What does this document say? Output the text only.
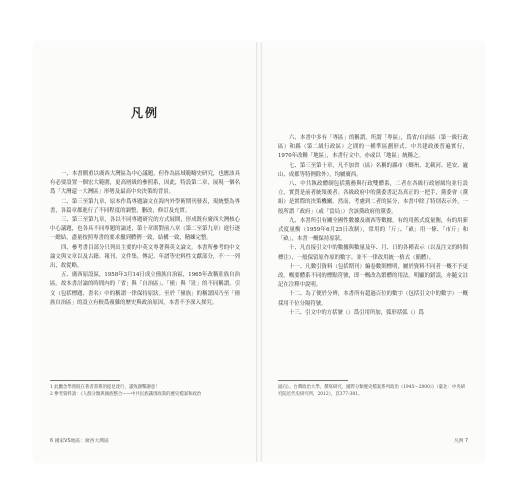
凡例

一、本書側重以廣西大灣區為中心議題，但作為區域範疇史研究，也應該具有必要設置一個宏大範圍，更高層級的參照系，因此，特設第二章，展現一個名爲「大灣還一大灣區」形勢及最高中央決策的背景。

二、第三至第九章，原本作爲專題論文在海内外學術期刊發表，現統整為專書，各篇章都進行了不同程度的調整，删改，修訂及充實。

三、第三至第九章，各以不同專題研究的方式展開，形成既有廣西大灣核心中心議題，也各具不同專題的論述，第十章則對前八章（第二至第九章）進行逐一總結，盡量按照專書的要求撤到體例一致，結構一致，精練完整。

四、參考書目部分只列出主要的中英文專著與英文論文。本書所參考的中文論文與文章以及古籍、報刊、文件集、傳記、年譜等史料性文獻部分，不一一列出，故從略。

五、廣西原設區，1958年3月14日成立僮族自治區，1965年改稱壯族自治區。故本書討論的時間內的「省」與「自治區」、「僮」與「壯」的不同稱謂，引文（包括標題、書名）中的稱謂一律保持原狀。至於「僮族」的稱謂因乃至「僮族自治區」的設立有較爲複雜的歷史與政治原因，本書不予深入探究。

1 此觀念學照既在著者書系的提見達行，謹致謝擊謝意！

2 參考資料請：《人群分類與國族整合——中共民族識別政策的歷史檔案和政治

6 國家VS地區：廣西大灣區

六、本書中多有「專區」的稱謂，所謂「專區」，爲省/自治區（第一級行政區）和縣（第二級行政區）之間的一種準區劃形式。中共建政後普遍實行，1970年改稱「地區」，本書行文中，亦或以「地區」統稱之。

七、第三至第十章，凡不加省（區）名稱的縣市（鄉州、北載河、延安、廬山、成都等特例除外），均屬廣西。

八、中共執政體制包括黨務與行政雙體系，二者在各級行政層級均並行設立，實質是前者統領後者。各級政府中的黨委書記為真正的一把手，黨委會（黨組）是實際的決策機關。然而，考慮到二者的區分，本書中除了特別表示外，一般所謂「政府」（或「當局」）含該黨政府的黨委。

九、本書所引有關全國性數據及廣西等數據，有的用舊式度量衡，有的用新式度量衡（1959年6月25日改制），常用的「斤」、「畝」用一條、「市斤」和「畝」，本書一概保持原狀。

十、凡直接引文中的數據與數量及年、月、日的各種表示（以及注文的時間標注），一般保留原作原的數字。並不一律改用統一格式（簡體）。

十一、凡數引資料（包括期刊）編卷數則標明，屬於資料不同者一概不予更改。概要體系不同的標點符號，即一概改為繁體的用法。明顯的錯誤，亦隨文註記在注釋中說明。

十二、為了便於分辨，本書所有超過百位的數字（包括引文中的數字）一概採用千位分隔符號。

十三、引文中的方括號（）爲引用所加，弧形括弧（）爲

面向）。台灣政治大學，撰寫研究，國際分類歷史檔案系列政治（1945～2000）》（臺北：中央研究院近代史研究所，2012），頁377-381。

凡例 7
